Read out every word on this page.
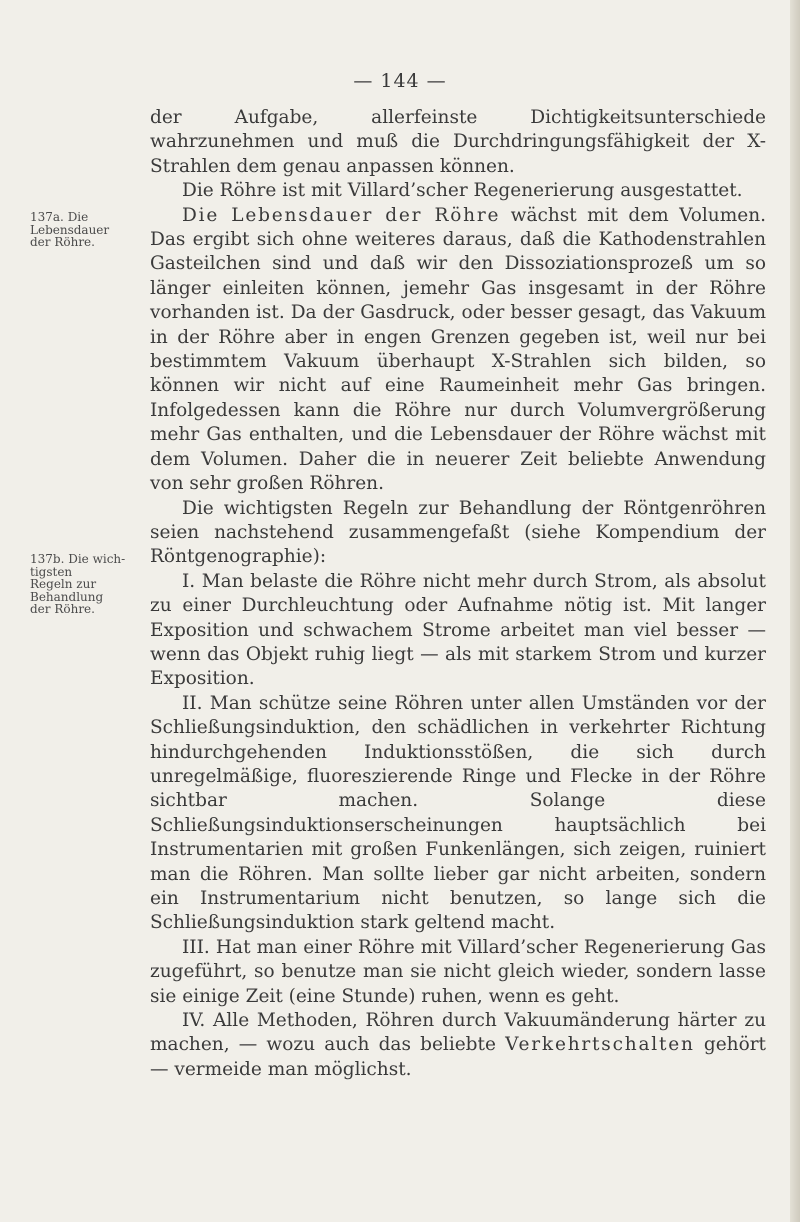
— 144 —
137a. Die
Lebensdauer
der Röhre.
137b. Die wich-
tigsten
Regeln zur
Behandlung
der Röhre.

der Aufgabe, allerfeinste Dichtigkeitsunterschiede wahrzunehmen und muß die Durchdringungsfähigkeit der X-Strahlen dem genau anpassen können.

Die Röhre ist mit Villard’scher Regenerierung ausgestattet.

Die Lebensdauer der Röhre wächst mit dem Volumen. Das ergibt sich ohne weiteres daraus, daß die Kathodenstrahlen Gasteilchen sind und daß wir den Dissoziationsprozeß um so länger einleiten können, jemehr Gas insgesamt in der Röhre vorhanden ist. Da der Gasdruck, oder besser gesagt, das Vakuum in der Röhre aber in engen Grenzen gegeben ist, weil nur bei bestimmtem Vakuum überhaupt X-Strahlen sich bilden, so können wir nicht auf eine Raumeinheit mehr Gas bringen. Infolgedessen kann die Röhre nur durch Volumvergrößerung mehr Gas enthalten, und die Lebensdauer der Röhre wächst mit dem Volumen. Daher die in neuerer Zeit beliebte Anwendung von sehr großen Röhren.

Die wichtigsten Regeln zur Behandlung der Röntgenröhren seien nachstehend zusammengefaßt (siehe Kompendium der Röntgenographie):

I. Man belaste die Röhre nicht mehr durch Strom, als absolut zu einer Durchleuchtung oder Aufnahme nötig ist. Mit langer Exposition und schwachem Strome arbeitet man viel besser — wenn das Objekt ruhig liegt — als mit starkem Strom und kurzer Exposition.

II. Man schütze seine Röhren unter allen Umständen vor der Schließungsinduktion, den schädlichen in verkehrter Richtung hindurchgehenden Induktionsstößen, die sich durch unregelmäßige, fluoreszierende Ringe und Flecke in der Röhre sichtbar machen. Solange diese Schließungsinduktionserscheinungen hauptsächlich bei Instrumentarien mit großen Funkenlängen, sich zeigen, ruiniert man die Röhren. Man sollte lieber gar nicht arbeiten, sondern ein Instrumentarium nicht benutzen, so lange sich die Schließungsinduktion stark geltend macht.

III. Hat man einer Röhre mit Villard’scher Regenerierung Gas zugeführt, so benutze man sie nicht gleich wieder, sondern lasse sie einige Zeit (eine Stunde) ruhen, wenn es geht.

IV. Alle Methoden, Röhren durch Vakuumänderung härter zu machen, — wozu auch das beliebte Verkehrtschalten gehört — vermeide man möglichst.
